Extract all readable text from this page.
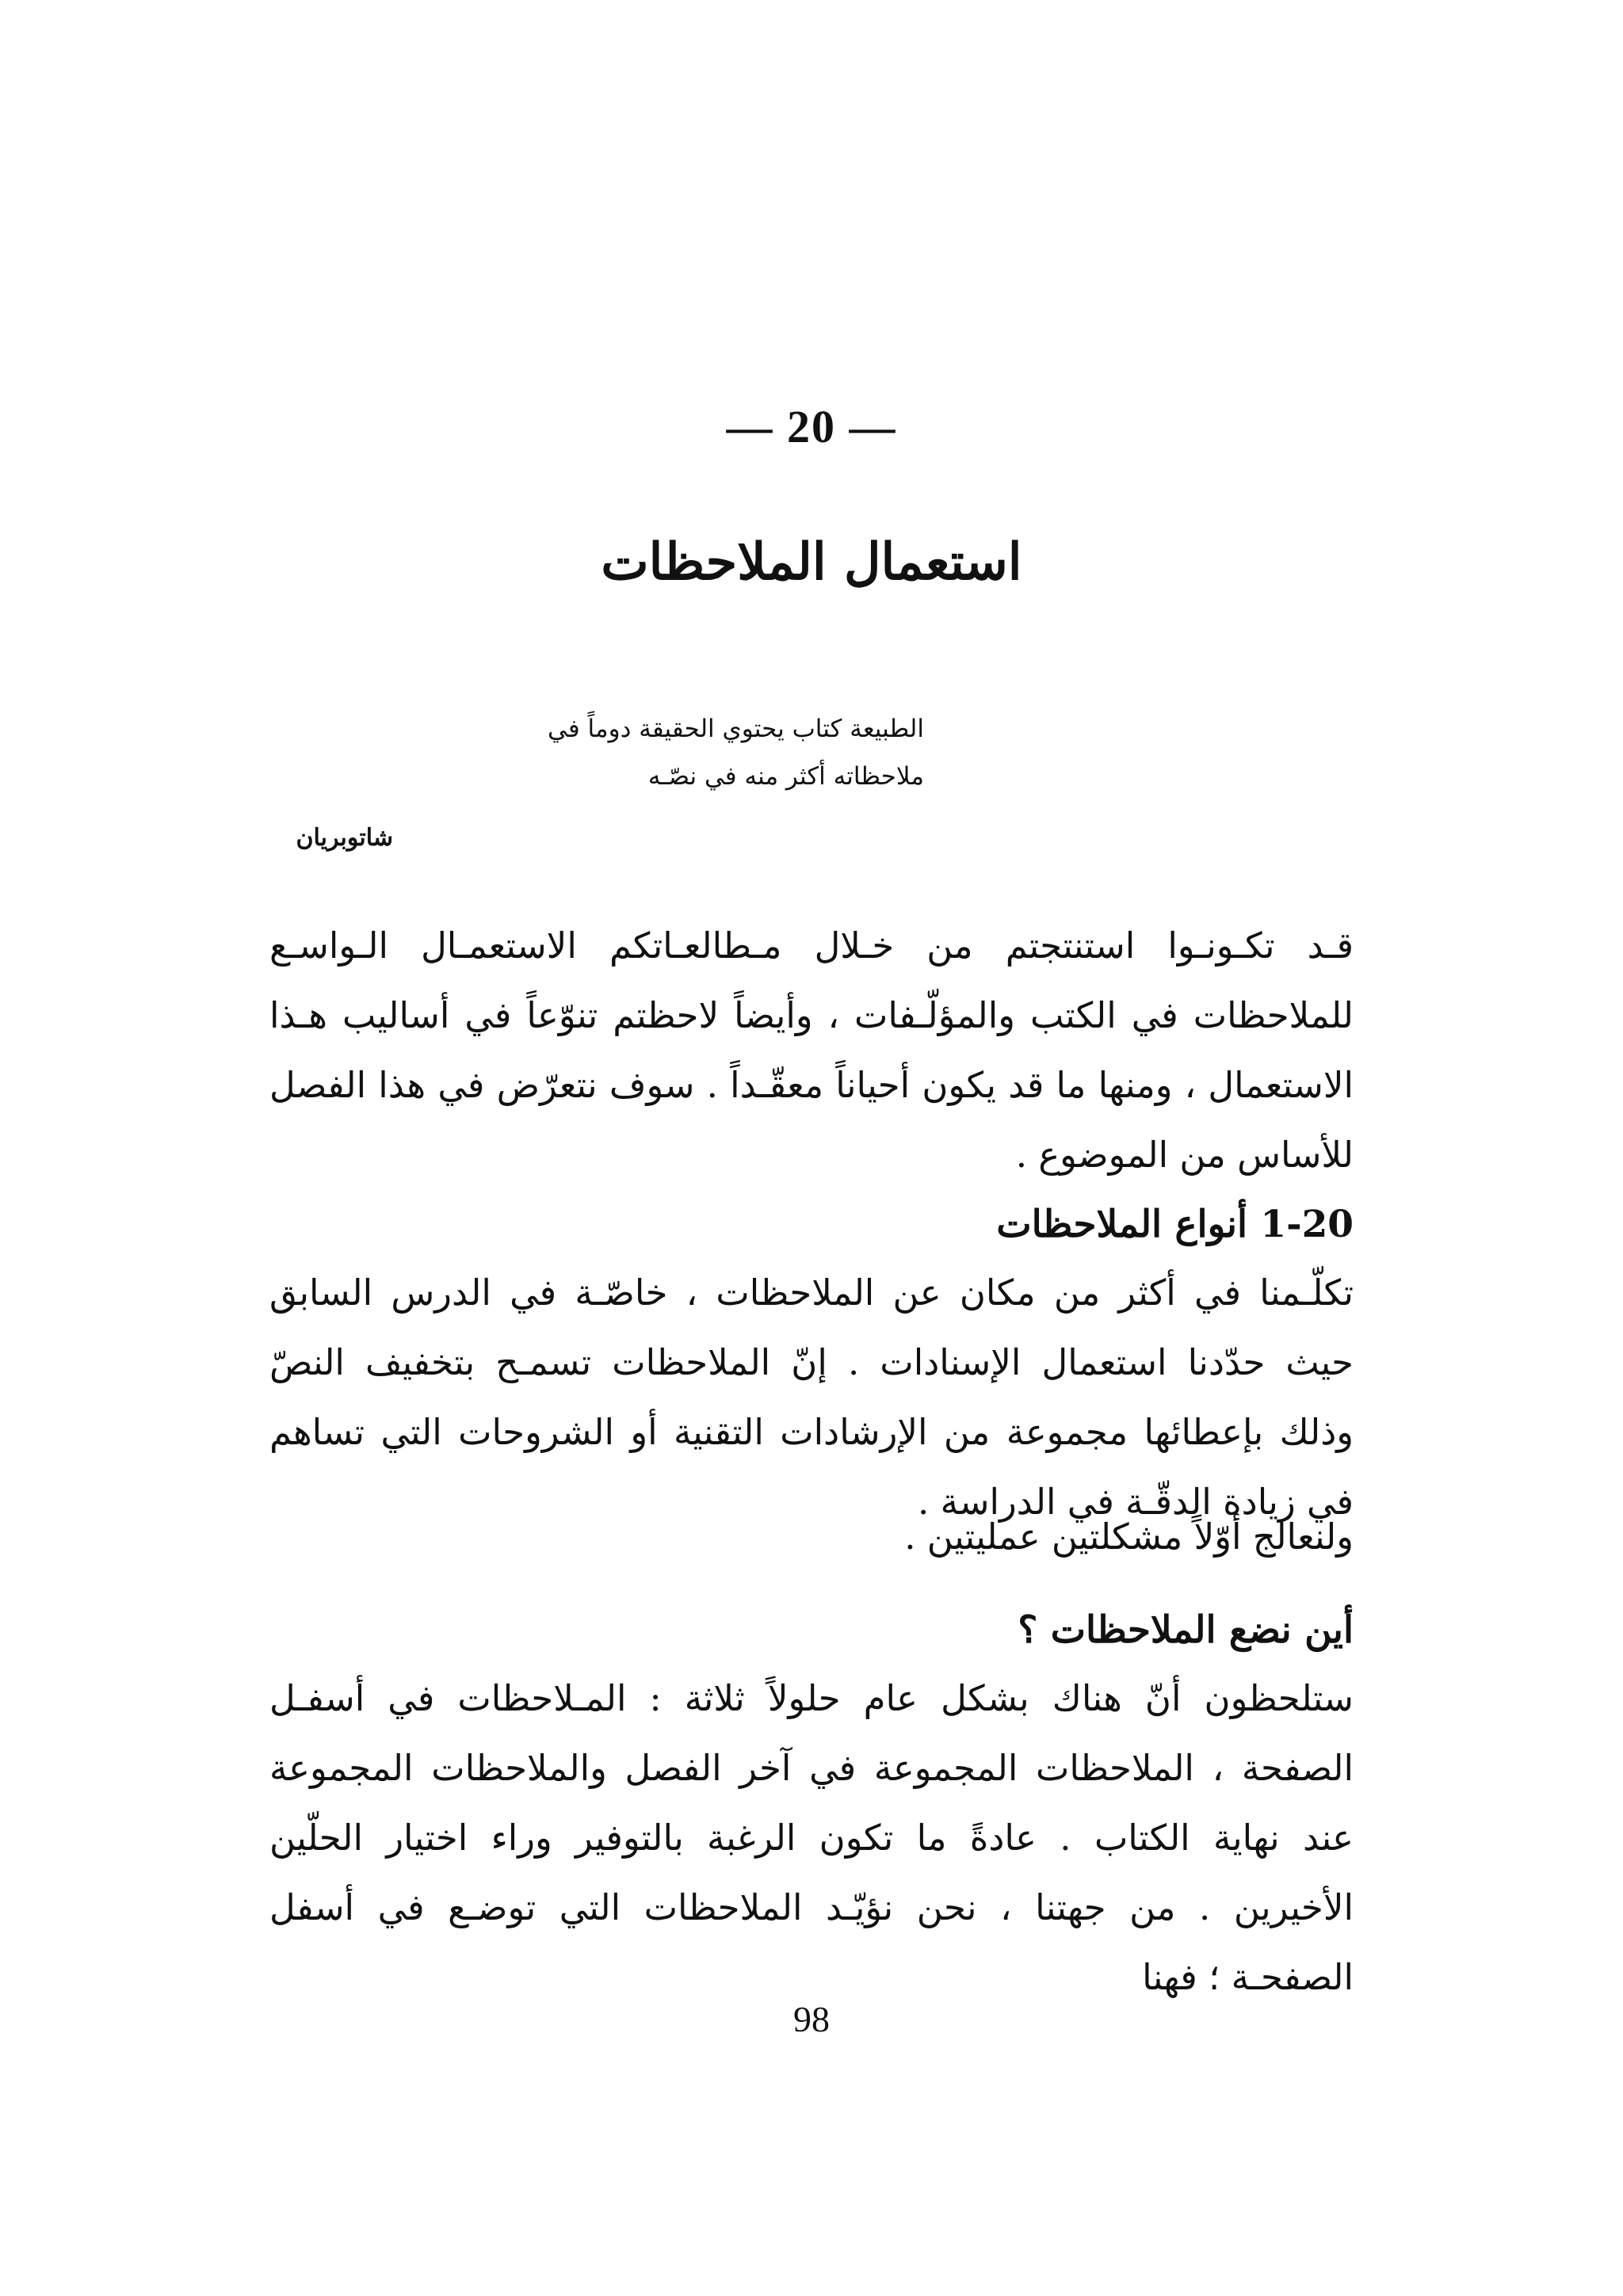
— 20 —
استعمال الملاحظات
الطبيعة كتاب يحتوي الحقيقة دوماً في ملاحظاته أكثر منه في نصّـه
شاتوبريان

قـد تكـونـوا استنتجتم من خـلال مـطالعـاتكم الاستعمـال الـواسـع للملاحظات في الكتب والمؤلّـفات ، وأيضاً لاحظتم تنوّعاً في أساليب هـذا الاستعمال ، ومنها ما قد يكون أحياناً معقّـداً . سوف نتعرّض في هذا الفصل للأساس من الموضوع .

1-20 أنواع الملاحظات

تكلّـمنا في أكثر من مكان عن الملاحظات ، خاصّـة في الدرس السابق حيث حدّدنا استعمال الإسنادات . إنّ الملاحظات تسمـح بتخفيف النصّ وذلك بإعطائها مجموعة من الإرشادات التقنية أو الشروحات التي تساهم في زيادة الدقّـة في الدراسة .

ولنعالج أوّلاً مشكلتين عمليتين .

أين نضع الملاحظات ؟

ستلحظون أنّ هناك بشكل عام حلولاً ثلاثة : المـلاحظات في أسفـل الصفحة ، الملاحظات المجموعة في آخر الفصل والملاحظات المجموعة عند نهاية الكتاب . عادةً ما تكون الرغبة بالتوفير وراء اختيار الحلّين الأخيرين . من جهتنا ، نحن نؤيّـد الملاحظات التي توضـع في أسفل الصفحـة ؛ فهنا

98
